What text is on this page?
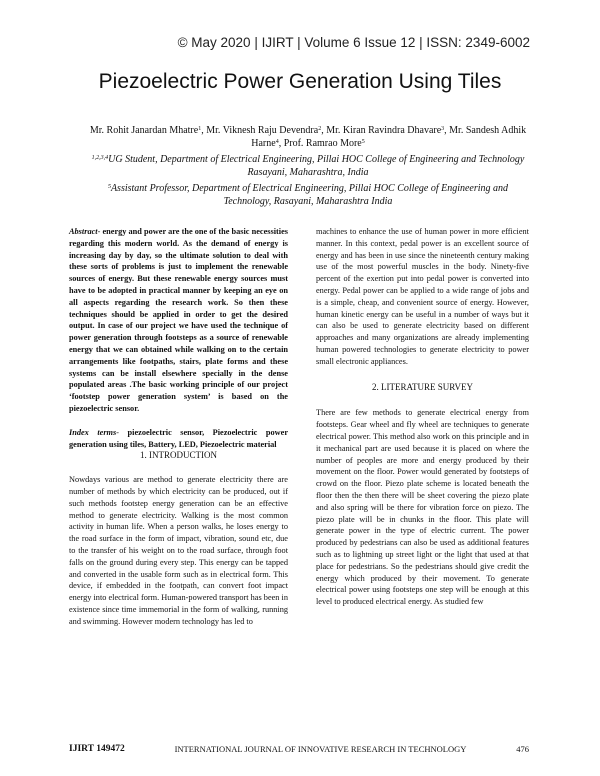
© May 2020 | IJIRT | Volume 6 Issue 12 | ISSN: 2349-6002
Piezoelectric Power Generation Using Tiles
Mr. Rohit Janardan Mhatre$^1$, Mr. Viknesh Raju Devendra$^2$, Mr. Kiran Ravindra Dhavare$^3$, Mr. Sandesh Adhik Harne$^4$, Prof. Ramrao More$^5$
$^{1,2,3,4}$UG Student, Department of Electrical Engineering, Pillai HOC College of Engineering and Technology Rasayani, Maharashtra, India
$^5$Assistant Professor, Department of Electrical Engineering, Pillai HOC College of Engineering and Technology, Rasayani, Maharashtra India

Abstract- energy and power are the one of the basic necessities regarding this modern world. As the demand of energy is increasing day by day, so the ultimate solution to deal with these sorts of problems is just to implement the renewable sources of energy. But these renewable energy sources must have to be adopted in practical manner by keeping an eye on all aspects regarding the research work. So then these techniques should be applied in order to get the desired output. In case of our project we have used the technique of power generation through footsteps as a source of renewable energy that we can obtained while walking on to the certain arrangements like footpaths, stairs, plate forms and these systems can be install elsewhere specially in the dense populated areas .The basic working principle of our project ‘footstep power generation system’ is based on the piezoelectric sensor.

Index terms- piezoelectric sensor, Piezoelectric power generation using tiles, Battery, LED, Piezoelectric material

1. INTRODUCTION

Nowdays various are method to generate electricity there are number of methods by which electricity can be produced, out if such methods footstep energy generation can be an effective method to generate electricity. Walking is the most common activity in human life. When a person walks, he loses energy to the road surface in the form of impact, vibration, sound etc, due to the transfer of his weight on to the road surface, through foot falls on the ground during every step. This energy can be tapped and converted in the usable form such as in electrical form. This device, if embedded in the footpath, can convert foot impact energy into electrical form. Human-powered transport has been in existence since time immemorial in the form of walking, running and swimming. However modern technology has led to

machines to enhance the use of human power in more efficient manner. In this context, pedal power is an excellent source of energy and has been in use since the nineteenth century making use of the most powerful muscles in the body. Ninety-five percent of the exertion put into pedal power is converted into energy. Pedal power can be applied to a wide range of jobs and is a simple, cheap, and convenient source of energy. However, human kinetic energy can be useful in a number of ways but it can also be used to generate electricity based on different approaches and many organizations are already implementing human powered technologies to generate electricity to power small electronic appliances.

2. LITERATURE SURVEY

There are few methods to generate electrical energy from footsteps. Gear wheel and fly wheel are techniques to generate electrical power. This method also work on this principle and in it mechanical part are used because it is placed on where the number of peoples are more and energy produced by their movement on the floor. Power would generated by footsteps of crowd on the floor. Piezo plate scheme is located beneath the floor then the then there will be sheet covering the piezo plate and also spring will be there for vibration force on piezo. The piezo plate will be in chunks in the floor. This plate will generate power in the type of electric current. The power produced by pedestrians can also be used as additional features such as to lightning up street light or the light that used at that place for pedestrians. So the pedestrians should give credit the energy which produced by their movement. To generate electrical power using footsteps one step will be enough at this level to produced electrical energy. As studied few

IJIRT 149472	INTERNATIONAL JOURNAL OF INNOVATIVE RESEARCH IN TECHNOLOGY	476
